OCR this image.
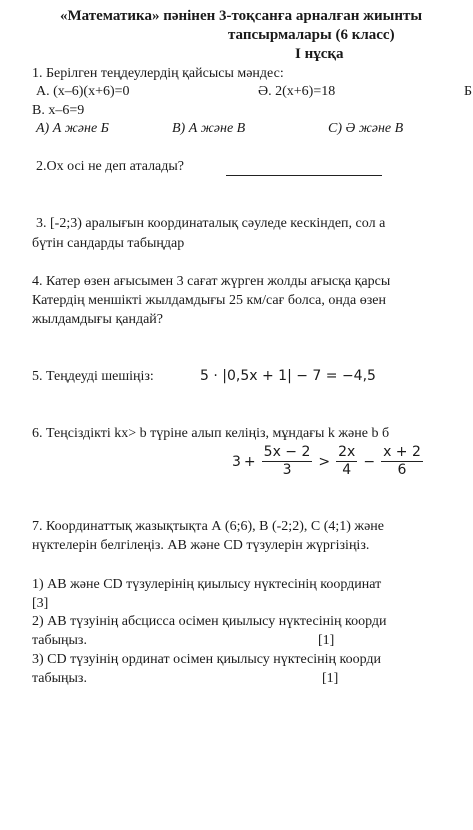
«Математика» пәнінен 3-тоқсанға арналған жиынты
тапсырмалары (6 класс)
І нұсқа
1. Берілген теңдеулердің қайсысы мәндес:
А. (x–6)(x+6)=0	Ә. 2(x+6)=18	Б
В. x–6=9
А) А және Б	В) А және В	С) Ә және В
2.Ох осі не деп аталады?
3. [-2;3) аралығын координаталық сәуледе кескіндеп, сол а
бүтін сандарды табыңдар
4. Катер өзен ағысымен 3 сағат жүрген жолды ағысқа қарсы
Катердің меншікті жылдамдығы 25 км/сағ болса, онда өзен
жылдамдығы қандай?
5. Теңдеуді шешіңіз:	5 · |0,5x + 1| − 7 = −4,5
6. Теңсіздікті kx> b түріне алып келіңіз, мұндағы k және b б
$3 + \frac{5x - 2}{3} > \frac{2x}{4} - \frac{x + 2}{6}$
7. Координаттық жазықтықта А (6;6), В (-2;2), С (4;1) және
нүктелерін белгілеңіз. АВ және CD түзулерін жүргізіңіз.
1) АВ және CD түзулерінің қиылысу нүктесінің координат
[3]
2) АВ түзуінің абсцисса осімен қиылысу нүктесінің коорди
табыңыз.	[1]
3) CD түзуінің ординат осімен қиылысу нүктесінің коорди
табыңыз.	[1]
